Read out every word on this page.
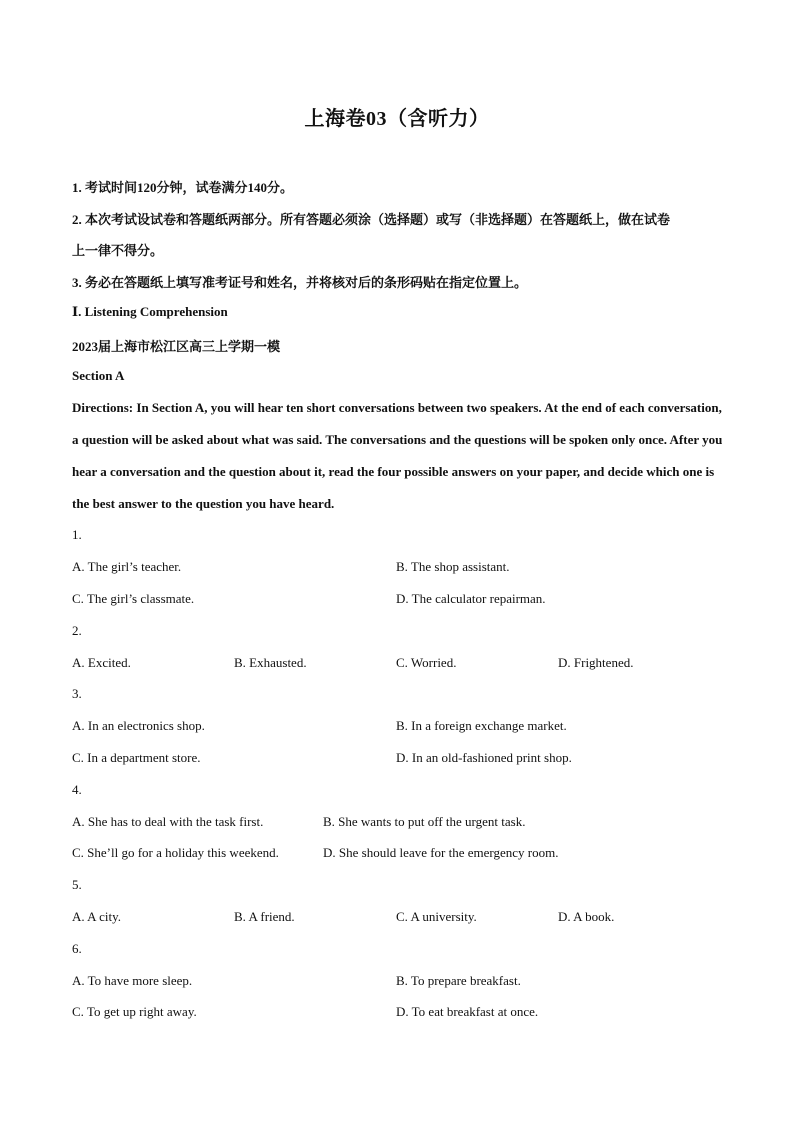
上海卷03（含听力）
1. 考试时间120分钟，试卷满分140分。
2. 本次考试设试卷和答题纸两部分。所有答题必须涂（选择题）或写（非选择题）在答题纸上，做在试卷
上一律不得分。
3. 务必在答题纸上填写准考证号和姓名，并将核对后的条形码贴在指定位置上。
Ⅰ. Listening Comprehension
2023届上海市松江区高三上学期一模
Section A
Directions: In Section A, you will hear ten short conversations between two speakers. At the end of each conversation, a question will be asked about what was said. The conversations and the questions will be spoken only once. After you hear a conversation and the question about it, read the four possible answers on your paper, and decide which one is the best answer to the question you have heard.
1.
A. The girl’s teacher.	B. The shop assistant.
C. The girl’s classmate.	D. The calculator repairman.
2.
A. Excited.	B. Exhausted.	C. Worried.	D. Frightened.
3.
A. In an electronics shop.	B. In a foreign exchange market.
C. In a department store.	D. In an old-fashioned print shop.
4.
A. She has to deal with the task first.	B. She wants to put off the urgent task.
C. She’ll go for a holiday this weekend.	D. She should leave for the emergency room.
5.
A. A city.	B. A friend.	C. A university.	D. A book.
6.
A. To have more sleep.	B. To prepare breakfast.
C. To get up right away.	D. To eat breakfast at once.
